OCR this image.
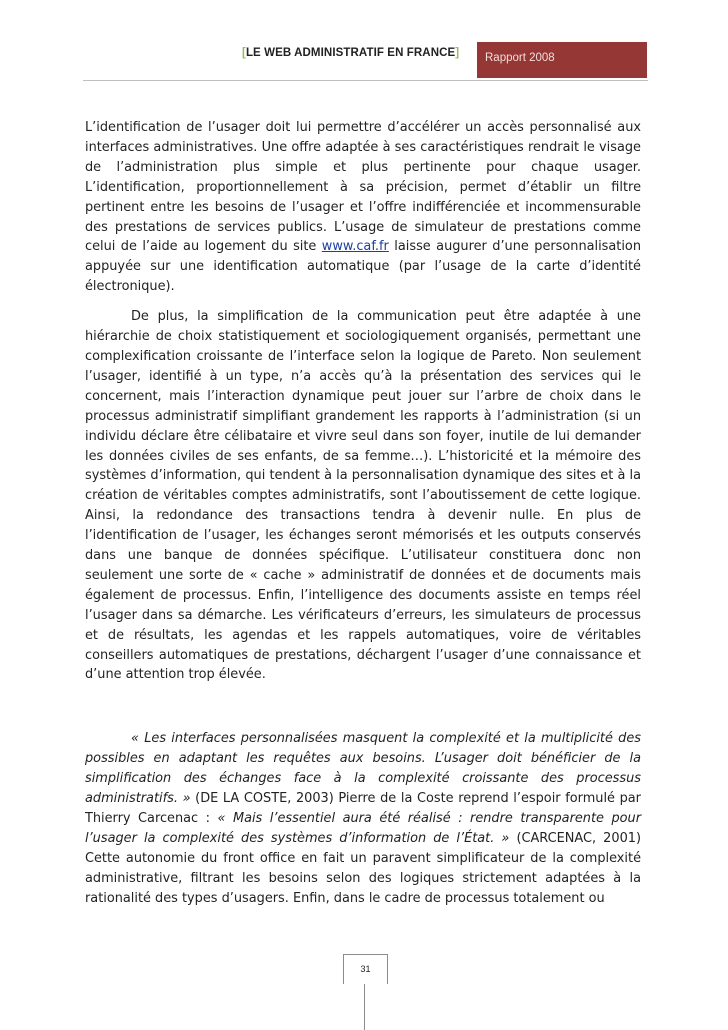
[LE WEB ADMINISTRATIF EN FRANCE]	Rapport 2008

L’identification de l’usager doit lui permettre d’accélérer un accès personnalisé aux interfaces administratives. Une offre adaptée à ses caractéristiques rendrait le visage de l’administration plus simple et plus pertinente pour chaque usager. L’identification, proportionnellement à sa précision, permet d’établir un filtre pertinent entre les besoins de l’usager et l’offre indifférenciée et incommensurable des prestations de services publics. L’usage de simulateur de prestations comme celui de l’aide au logement du site www.caf.fr laisse augurer d’une personnalisation appuyée sur une identification automatique (par l’usage de la carte d’identité électronique).

De plus, la simplification de la communication peut être adaptée à une hiérarchie de choix statistiquement et sociologiquement organisés, permettant une complexification croissante de l’interface selon la logique de Pareto. Non seulement l’usager, identifié à un type, n’a accès qu’à la présentation des services qui le concernent, mais l’interaction dynamique peut jouer sur l’arbre de choix dans le processus administratif simplifiant grandement les rapports à l’administration (si un individu déclare être célibataire et vivre seul dans son foyer, inutile de lui demander les données civiles de ses enfants, de sa femme…). L’historicité et la mémoire des systèmes d’information, qui tendent à la personnalisation dynamique des sites et à la création de véritables comptes administratifs, sont l’aboutissement de cette logique. Ainsi, la redondance des transactions tendra à devenir nulle. En plus de l’identification de l’usager, les échanges seront mémorisés et les outputs conservés dans une banque de données spécifique. L’utilisateur constituera donc non seulement une sorte de « cache » administratif de données et de documents mais également de processus. Enfin, l’intelligence des documents assiste en temps réel l’usager dans sa démarche. Les vérificateurs d’erreurs, les simulateurs de processus et de résultats, les agendas et les rappels automatiques, voire de véritables conseillers automatiques de prestations, déchargent l’usager d’une connaissance et d’une attention trop élevée.

« Les interfaces personnalisées masquent la complexité et la multiplicité des possibles en adaptant les requêtes aux besoins. L’usager doit bénéficier de la simplification des échanges face à la complexité croissante des processus administratifs. » (DE LA COSTE, 2003) Pierre de la Coste reprend l’espoir formulé par Thierry Carcenac : « Mais l’essentiel aura été réalisé : rendre transparente pour l’usager la complexité des systèmes d’information de l’État. » (CARCENAC, 2001) Cette autonomie du front office en fait un paravent simplificateur de la complexité administrative, filtrant les besoins selon des logiques strictement adaptées à la rationalité des types d’usagers. Enfin, dans le cadre de processus totalement ou

31
